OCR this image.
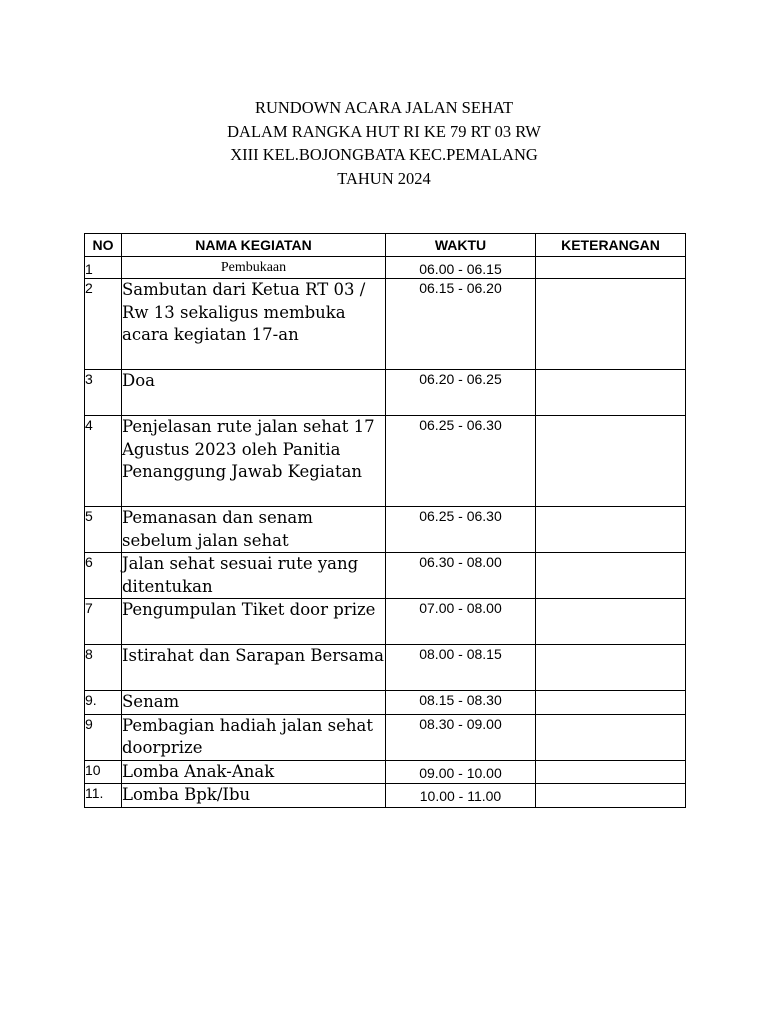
RUNDOWN ACARA JALAN SEHAT
DALAM RANGKA HUT RI KE 79 RT 03 RW
XIII KEL.BOJONGBATA KEC.PEMALANG
TAHUN 2024
NO	NAMA KEGIATAN	WAKTU	KETERANGAN
1	Pembukaan	06.00 - 06.15	
2	Sambutan dari Ketua RT 03 / Rw 13 sekaligus membuka acara kegiatan 17-an	06.15 - 06.20	
3	Doa	06.20 - 06.25	
4	Penjelasan rute jalan sehat 17 Agustus 2023 oleh Panitia Penanggung Jawab Kegiatan	06.25 - 06.30	
5	Pemanasan dan senam sebelum jalan sehat	06.25 - 06.30	
6	Jalan sehat sesuai rute yang ditentukan	06.30 - 08.00	
7	Pengumpulan Tiket door prize	07.00 - 08.00	
8	Istirahat dan Sarapan Bersama	08.00 - 08.15	
9.	Senam	08.15 - 08.30	
9	Pembagian hadiah jalan sehat doorprize	08.30 - 09.00	
10	Lomba Anak-Anak	09.00 - 10.00	
11.	Lomba Bpk/Ibu	10.00 - 11.00	
